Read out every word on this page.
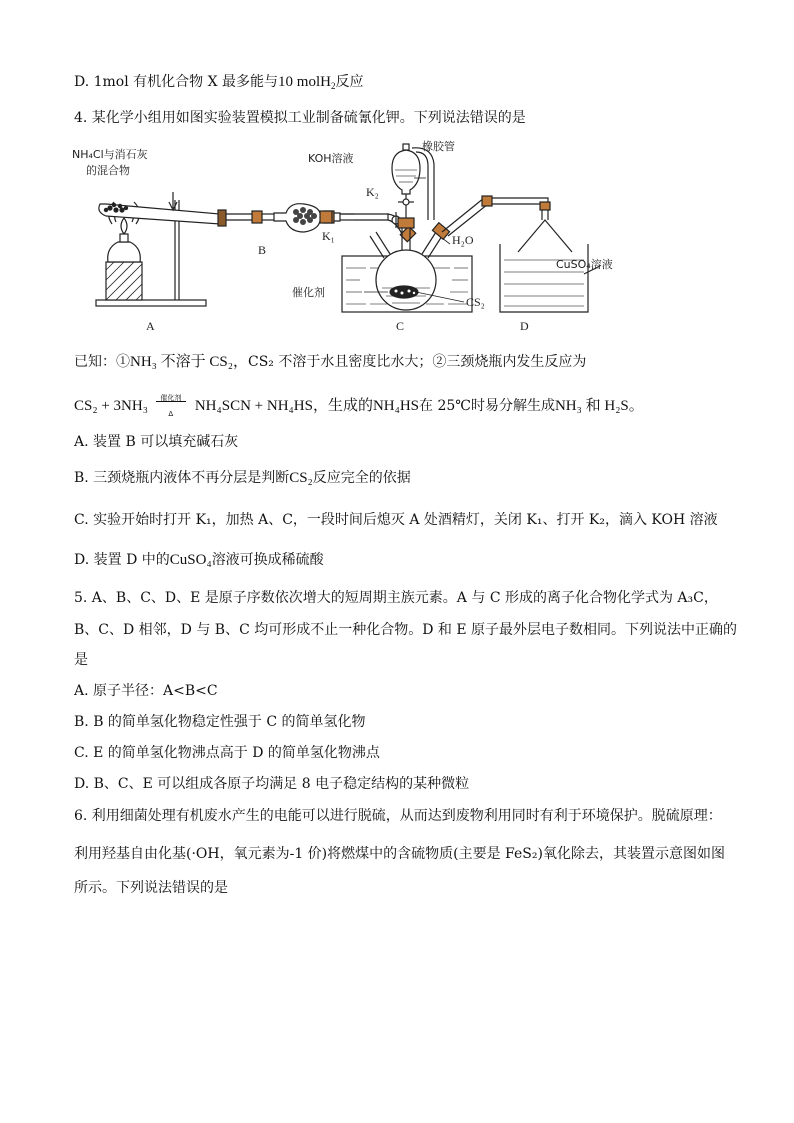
D. 1mol 有机化合物 X 最多能与10 molH$_2$反应
4. 某化学小组用如图实验装置模拟工业制备硫氰化钾。下列说法错误的是
NH₄Cl与消石灰
的混合物
KOH溶液
橡胶管
K₂
K₁	H₂O
催化剂
CS₂
CuSO₄溶液
B
A	C	D
已知：①NH₃ 不溶于 CS₂，CS₂ 不溶于水且密度比水大；②三颈烧瓶内发生反应为
CS₂ + 3NH₃ 催化剂
Δ NH₄SCN + NH₄HS，生成的NH₄HS在 25℃时易分解生成NH₃ 和 H₂S。
A. 装置 B 可以填充碱石灰
B. 三颈烧瓶内液体不再分层是判断CS₂反应完全的依据
C. 实验开始时打开 K₁，加热 A、C，一段时间后熄灭 A 处酒精灯，关闭 K₁、打开 K₂，滴入 KOH 溶液
D. 装置 D 中的CuSO₄溶液可换成稀硫酸
5. A、B、C、D、E 是原子序数依次增大的短周期主族元素。A 与 C 形成的离子化合物化学式为 A₃C，
B、C、D 相邻，D 与 B、C 均可形成不止一种化合物。D 和 E 原子最外层电子数相同。下列说法中正确的
是
A. 原子半径：A<B<C
B. B 的简单氢化物稳定性强于 C 的简单氢化物
C. E 的简单氢化物沸点高于 D 的简单氢化物沸点
D. B、C、E 可以组成各原子均满足 8 电子稳定结构的某种微粒
6. 利用细菌处理有机废水产生的电能可以进行脱硫，从而达到废物利用同时有利于环境保护。脱硫原理：
利用羟基自由化基(·OH，氧元素为-1 价)将燃煤中的含硫物质(主要是 FeS₂)氧化除去，其装置示意图如图
所示。下列说法错误的是
